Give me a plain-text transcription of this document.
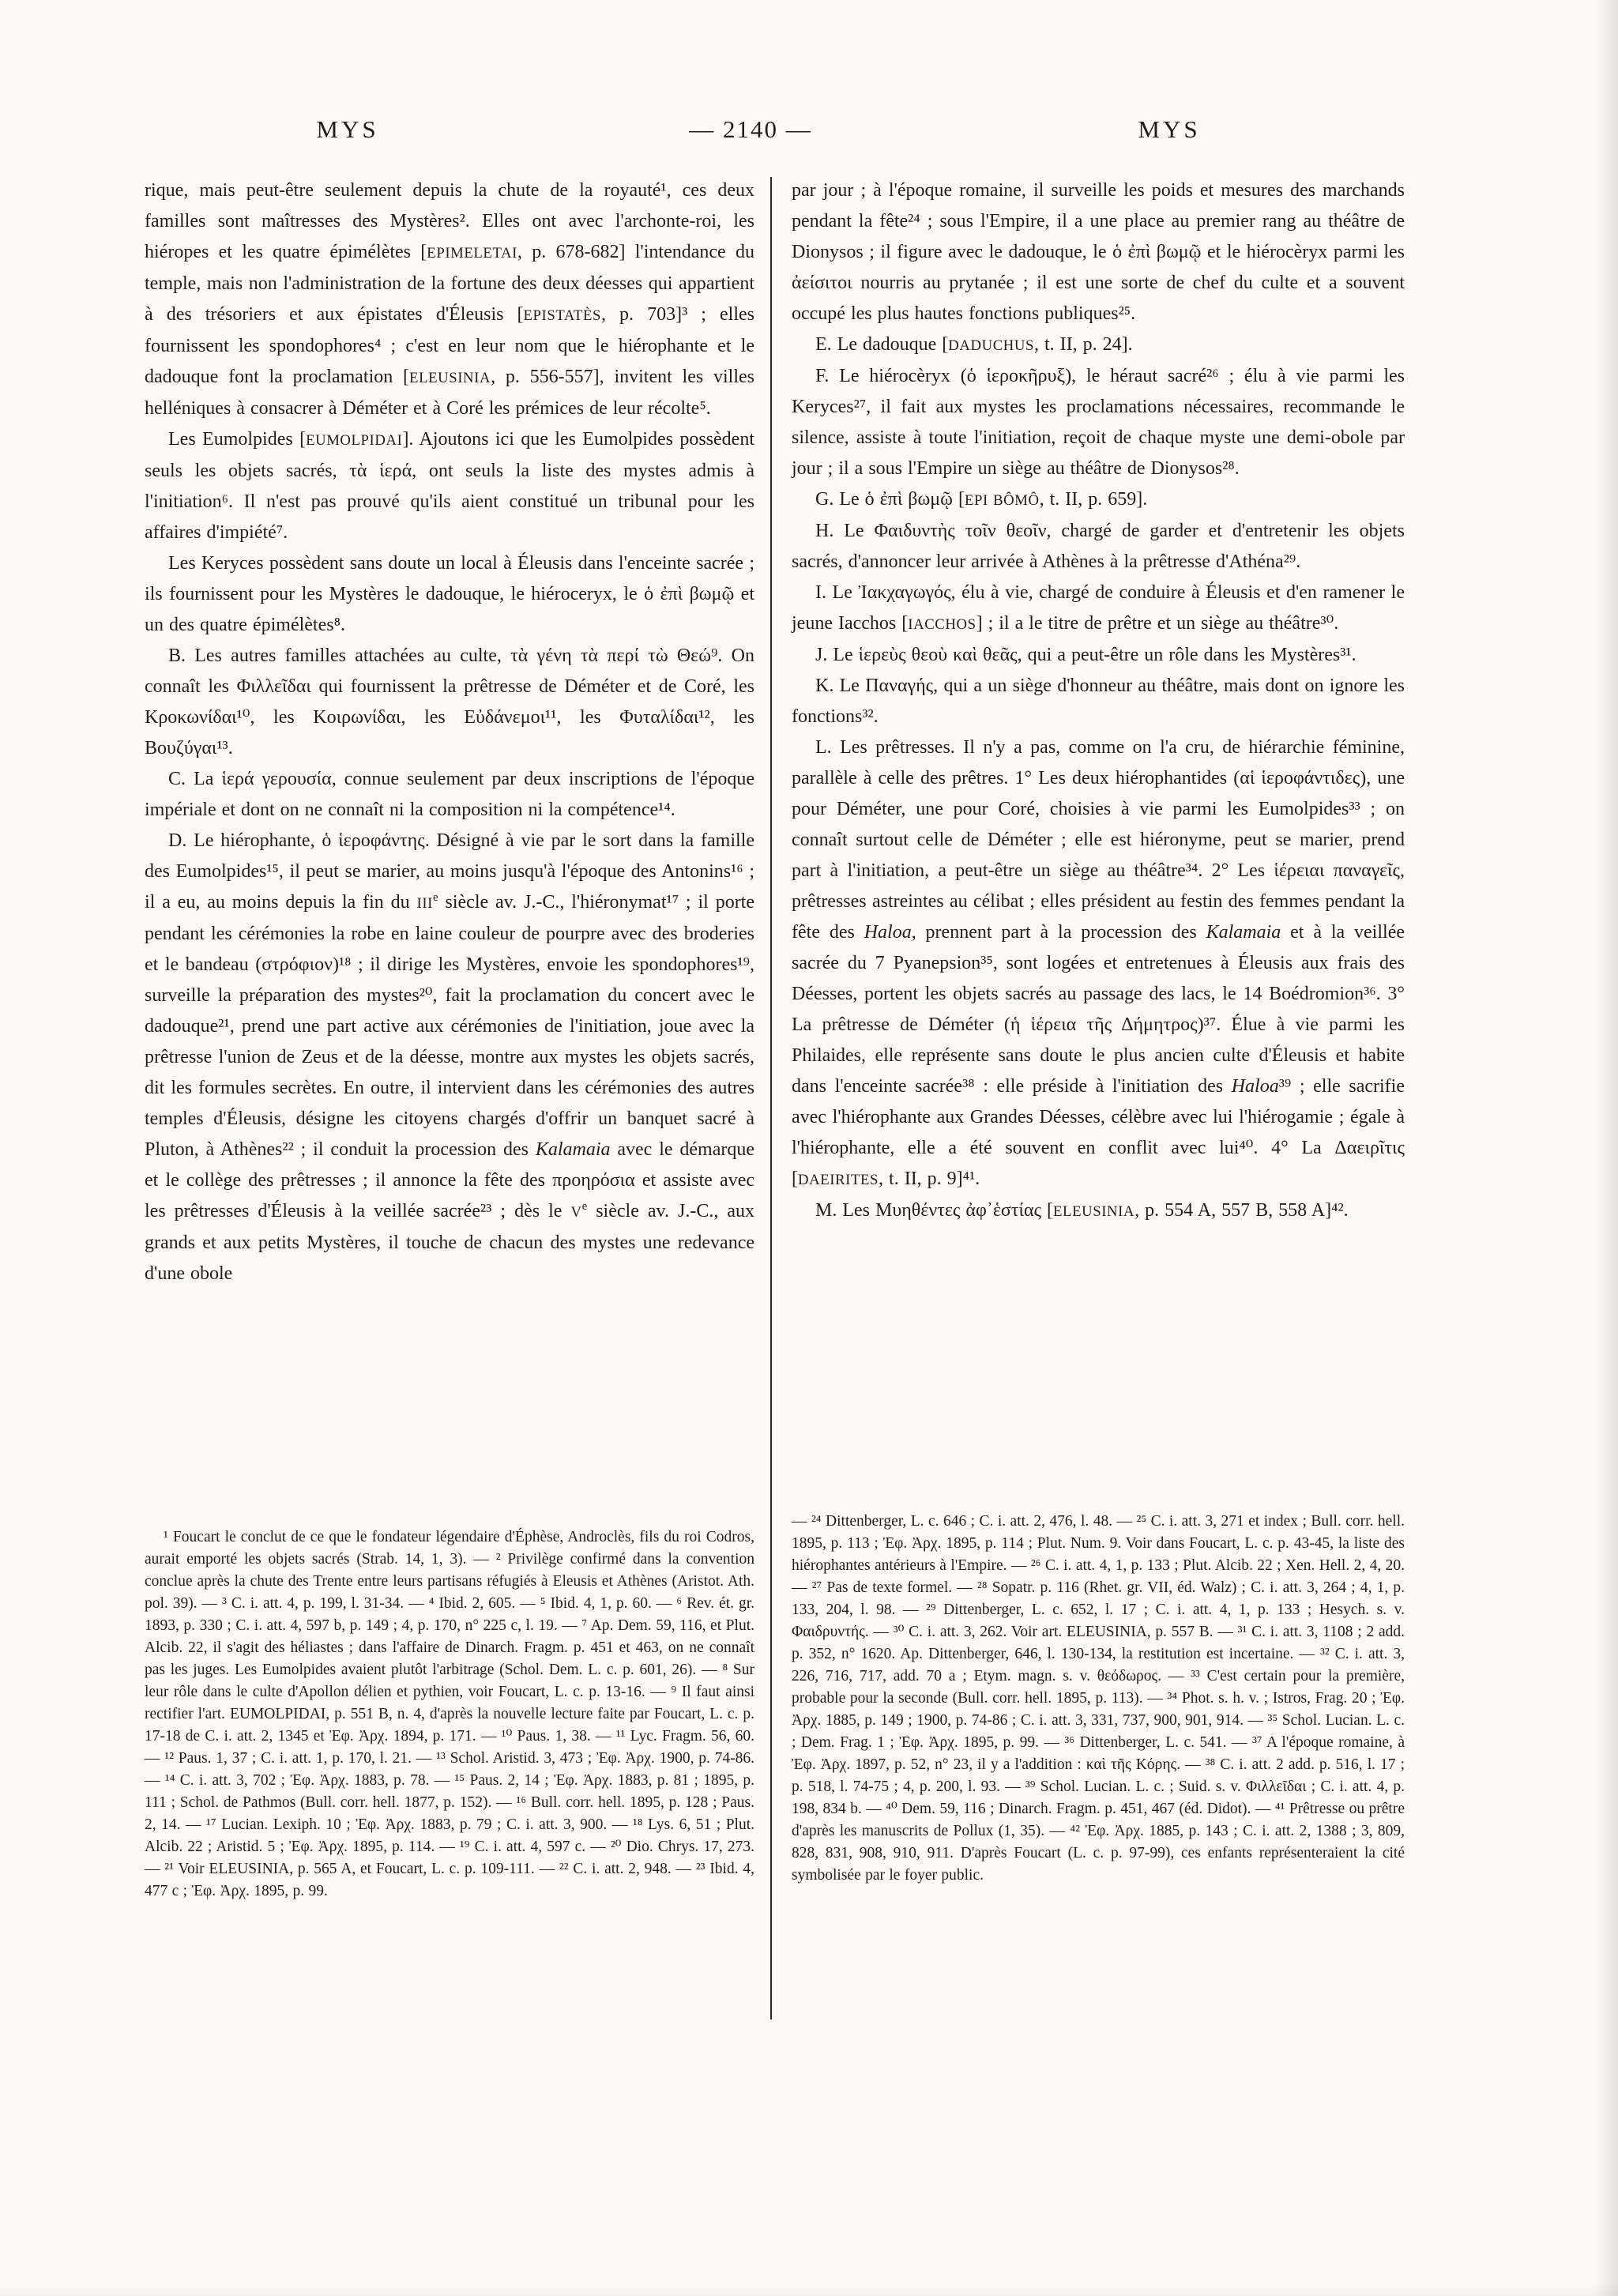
MYS	— 2140 —	MYS

rique, mais peut-être seulement depuis la chute de la royauté¹, ces deux familles sont maîtresses des Mystères². Elles ont avec l'archonte-roi, les hiéropes et les quatre épimélètes [EPIMELETAI, p. 678-682] l'intendance du temple, mais non l'administration de la fortune des deux déesses qui appartient à des trésoriers et aux épistates d'Éleusis [EPISTATÈS, p. 703]³ ; elles fournissent les spondophores⁴ ; c'est en leur nom que le hiérophante et le dadouque font la proclamation [ELEUSINIA, p. 556-557], invitent les villes helléniques à consacrer à Déméter et à Coré les prémices de leur récolte⁵.

Les Eumolpides [EUMOLPIDAI]. Ajoutons ici que les Eumolpides possèdent seuls les objets sacrés, τὰ ἱερά, ont seuls la liste des mystes admis à l'initiation⁶. Il n'est pas prouvé qu'ils aient constitué un tribunal pour les affaires d'impiété⁷.

Les Keryces possèdent sans doute un local à Éleusis dans l'enceinte sacrée ; ils fournissent pour les Mystères le dadouque, le hiéroceryx, le ὁ ἐπὶ βωμῷ et un des quatre épimélètes⁸.

B. Les autres familles attachées au culte, τὰ γένη τὰ περί τὼ Θεώ⁹. On connaît les Φιλλεῖδαι qui fournissent la prêtresse de Déméter et de Coré, les Κροκωνίδαι¹⁰, les Κοιρωνίδαι, les Εὐδάνεμοι¹¹, les Φυταλίδαι¹², les Βουζύγαι¹³.

C. La ἱερά γερουσία, connue seulement par deux inscriptions de l'époque impériale et dont on ne connaît ni la composition ni la compétence¹⁴.

D. Le hiérophante, ὁ ἱεροφάντης. Désigné à vie par le sort dans la famille des Eumolpides¹⁵, il peut se marier, au moins jusqu'à l'époque des Antonins¹⁶ ; il a eu, au moins depuis la fin du IIIe siècle av. J.-C., l'hiéronymat¹⁷ ; il porte pendant les cérémonies la robe en laine couleur de pourpre avec des broderies et le bandeau (στρόφιον)¹⁸ ; il dirige les Mystères, envoie les spondophores¹⁹, surveille la préparation des mystes²⁰, fait la proclamation du concert avec le dadouque²¹, prend une part active aux cérémonies de l'initiation, joue avec la prêtresse l'union de Zeus et de la déesse, montre aux mystes les objets sacrés, dit les formules secrètes. En outre, il intervient dans les cérémonies des autres temples d'Éleusis, désigne les citoyens chargés d'offrir un banquet sacré à Pluton, à Athènes²² ; il conduit la procession des Kalamaia avec le démarque et le collège des prêtresses ; il annonce la fête des προηρόσια et assiste avec les prêtresses d'Éleusis à la veillée sacrée²³ ; dès le Ve siècle av. J.-C., aux grands et aux petits Mystères, il touche de chacun des mystes une redevance d'une obole

par jour ; à l'époque romaine, il surveille les poids et mesures des marchands pendant la fête²⁴ ; sous l'Empire, il a une place au premier rang au théâtre de Dionysos ; il figure avec le dadouque, le ὁ ἐπὶ βωμῷ et le hiérocèryx parmi les ἀείσιτοι nourris au prytanée ; il est une sorte de chef du culte et a souvent occupé les plus hautes fonctions publiques²⁵.

E. Le dadouque [DADUCHUS, t. II, p. 24].

F. Le hiérocèryx (ὁ ἱεροκῆρυξ), le héraut sacré²⁶ ; élu à vie parmi les Keryces²⁷, il fait aux mystes les proclamations nécessaires, recommande le silence, assiste à toute l'initiation, reçoit de chaque myste une demi-obole par jour ; il a sous l'Empire un siège au théâtre de Dionysos²⁸.

G. Le ὁ ἐπὶ βωμῷ [EPI BÔMÔ, t. II, p. 659].

H. Le Φαιδυντὴς τοῖν θεοῖν, chargé de garder et d'entretenir les objets sacrés, d'annoncer leur arrivée à Athènes à la prêtresse d'Athéna²⁹.

I. Le Ἰακχαγωγός, élu à vie, chargé de conduire à Éleusis et d'en ramener le jeune Iacchos [IACCHOS] ; il a le titre de prêtre et un siège au théâtre³⁰.

J. Le ἱερεὺς θεοὺ καὶ θεᾶς, qui a peut-être un rôle dans les Mystères³¹.

K. Le Παναγής, qui a un siège d'honneur au théâtre, mais dont on ignore les fonctions³².

L. Les prêtresses. Il n'y a pas, comme on l'a cru, de hiérarchie féminine, parallèle à celle des prêtres. 1° Les deux hiérophantides (αἱ ἱεροφάντιδες), une pour Déméter, une pour Coré, choisies à vie parmi les Eumolpides³³ ; on connaît surtout celle de Déméter ; elle est hiéronyme, peut se marier, prend part à l'initiation, a peut-être un siège au théâtre³⁴. 2° Les ἱέρειαι παναγεῖς, prêtresses astreintes au célibat ; elles président au festin des femmes pendant la fête des Haloa, prennent part à la procession des Kalamaia et à la veillée sacrée du 7 Pyanepsion³⁵, sont logées et entretenues à Éleusis aux frais des Déesses, portent les objets sacrés au passage des lacs, le 14 Boédromion³⁶. 3° La prêtresse de Déméter (ἡ ἱέρεια τῆς Δήμητρος)³⁷. Élue à vie parmi les Philaides, elle représente sans doute le plus ancien culte d'Éleusis et habite dans l'enceinte sacrée³⁸ : elle préside à l'initiation des Haloa³⁹ ; elle sacrifie avec l'hiérophante aux Grandes Déesses, célèbre avec lui l'hiérogamie ; égale à l'hiérophante, elle a été souvent en conflit avec lui⁴⁰. 4° La Δαειρῖτις [DAEIRITES, t. II, p. 9]⁴¹.

M. Les Μυηθέντες ἀφ᾽ἑστίας [ELEUSINIA, p. 554 A, 557 B, 558 A]⁴².

¹ Foucart le conclut de ce que le fondateur légendaire d'Éphèse, Androclès, fils du roi Codros, aurait emporté les objets sacrés (Strab. 14, 1, 3). — ² Privilège confirmé dans la convention conclue après la chute des Trente entre leurs partisans réfugiés à Eleusis et Athènes (Aristot. Ath. pol. 39). — ³ C. i. att. 4, p. 199, l. 31-34. — ⁴ Ibid. 2, 605. — ⁵ Ibid. 4, 1, p. 60. — ⁶ Rev. ét. gr. 1893, p. 330 ; C. i. att. 4, 597 b, p. 149 ; 4, p. 170, n° 225 c, l. 19. — ⁷ Ap. Dem. 59, 116, et Plut. Alcib. 22, il s'agit des héliastes ; dans l'affaire de Dinarch. Fragm. p. 451 et 463, on ne connaît pas les juges. Les Eumolpides avaient plutôt l'arbitrage (Schol. Dem. L. c. p. 601, 26). — ⁸ Sur leur rôle dans le culte d'Apollon délien et pythien, voir Foucart, L. c. p. 13-16. — ⁹ Il faut ainsi rectifier l'art. EUMOLPIDAI, p. 551 B, n. 4, d'après la nouvelle lecture faite par Foucart, L. c. p. 17-18 de C. i. att. 2, 1345 et Ἐφ. Ἀρχ. 1894, p. 171. — ¹⁰ Paus. 1, 38. — ¹¹ Lyc. Fragm. 56, 60. — ¹² Paus. 1, 37 ; C. i. att. 1, p. 170, l. 21. — ¹³ Schol. Aristid. 3, 473 ; Ἐφ. Ἀρχ. 1900, p. 74-86. — ¹⁴ C. i. att. 3, 702 ; Ἐφ. Ἀρχ. 1883, p. 78. — ¹⁵ Paus. 2, 14 ; Ἐφ. Ἀρχ. 1883, p. 81 ; 1895, p. 111 ; Schol. de Pathmos (Bull. corr. hell. 1877, p. 152). — ¹⁶ Bull. corr. hell. 1895, p. 128 ; Paus. 2, 14. — ¹⁷ Lucian. Lexiph. 10 ; Ἐφ. Ἀρχ. 1883, p. 79 ; C. i. att. 3, 900. — ¹⁸ Lys. 6, 51 ; Plut. Alcib. 22 ; Aristid. 5 ; Ἐφ. Ἀρχ. 1895, p. 114. — ¹⁹ C. i. att. 4, 597 c. — ²⁰ Dio. Chrys. 17, 273. — ²¹ Voir ELEUSINIA, p. 565 A, et Foucart, L. c. p. 109-111. — ²² C. i. att. 2, 948. — ²³ Ibid. 4, 477 c ; Ἐφ. Ἀρχ. 1895, p. 99.
— ²⁴ Dittenberger, L. c. 646 ; C. i. att. 2, 476, l. 48. — ²⁵ C. i. att. 3, 271 et index ; Bull. corr. hell. 1895, p. 113 ; Ἐφ. Ἀρχ. 1895, p. 114 ; Plut. Num. 9. Voir dans Foucart, L. c. p. 43-45, la liste des hiérophantes antérieurs à l'Empire. — ²⁶ C. i. att. 4, 1, p. 133 ; Plut. Alcib. 22 ; Xen. Hell. 2, 4, 20. — ²⁷ Pas de texte formel. — ²⁸ Sopatr. p. 116 (Rhet. gr. VII, éd. Walz) ; C. i. att. 3, 264 ; 4, 1, p. 133, 204, l. 98. — ²⁹ Dittenberger, L. c. 652, l. 17 ; C. i. att. 4, 1, p. 133 ; Hesych. s. v. Φαιδρυντής. — ³⁰ C. i. att. 3, 262. Voir art. ELEUSINIA, p. 557 B. — ³¹ C. i. att. 3, 1108 ; 2 add. p. 352, n° 1620. Ap. Dittenberger, 646, l. 130-134, la restitution est incertaine. — ³² C. i. att. 3, 226, 716, 717, add. 70 a ; Etym. magn. s. v. θεόδωρος. — ³³ C'est certain pour la première, probable pour la seconde (Bull. corr. hell. 1895, p. 113). — ³⁴ Phot. s. h. v. ; Istros, Frag. 20 ; Ἐφ. Ἀρχ. 1885, p. 149 ; 1900, p. 74-86 ; C. i. att. 3, 331, 737, 900, 901, 914. — ³⁵ Schol. Lucian. L. c. ; Dem. Frag. 1 ; Ἐφ. Ἀρχ. 1895, p. 99. — ³⁶ Dittenberger, L. c. 541. — ³⁷ A l'époque romaine, à Ἐφ. Ἀρχ. 1897, p. 52, n° 23, il y a l'addition : καὶ τῆς Κόρης. — ³⁸ C. i. att. 2 add. p. 516, l. 17 ; p. 518, l. 74-75 ; 4, p. 200, l. 93. — ³⁹ Schol. Lucian. L. c. ; Suid. s. v. Φιλλεῖδαι ; C. i. att. 4, p. 198, 834 b. — ⁴⁰ Dem. 59, 116 ; Dinarch. Fragm. p. 451, 467 (éd. Didot). — ⁴¹ Prêtresse ou prêtre d'après les manuscrits de Pollux (1, 35). — ⁴² Ἐφ. Ἀρχ. 1885, p. 143 ; C. i. att. 2, 1388 ; 3, 809, 828, 831, 908, 910, 911. D'après Foucart (L. c. p. 97-99), ces enfants représenteraient la cité symbolisée par le foyer public.
